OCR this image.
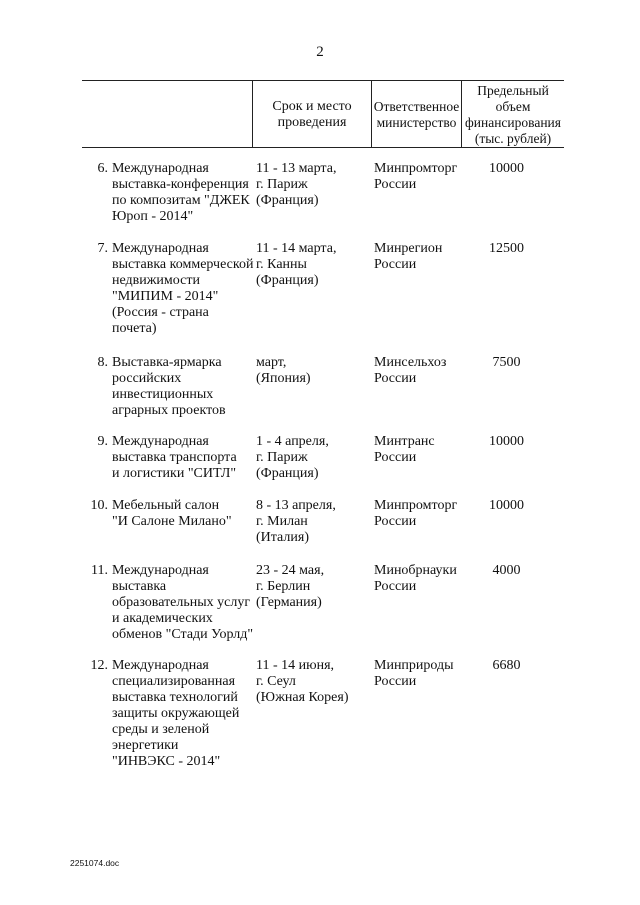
2
Срок и место
проведения
Ответственное
министерство
Предельный
объем
финансирования
(тыс. рублей)
6. Международная
выставка-конференция
по композитам "ДЖЕК
Юроп - 2014"
11 - 13 марта,
г. Париж
(Франция)
Минпромторг
России
10000
7. Международная
выставка коммерческой
недвижимости
"МИПИМ - 2014"
(Россия - страна
почета)
11 - 14 марта,
г. Канны
(Франция)
Минрегион
России
12500
8. Выставка-ярмарка
российских
инвестиционных
аграрных проектов
март,
(Япония)
Минсельхоз
России
7500
9. Международная
выставка транспорта
и логистики "СИТЛ"
1 - 4 апреля,
г. Париж
(Франция)
Минтранс
России
10000
10. Мебельный салон
"И Салоне Милано"
8 - 13 апреля,
г. Милан
(Италия)
Минпромторг
России
10000
11. Международная
выставка
образовательных услуг
и академических
обменов "Стади Уорлд"
23 - 24 мая,
г. Берлин
(Германия)
Минобрнауки
России
4000
12. Международная
специализированная
выставка технологий
защиты окружающей
среды и зеленой
энергетики
"ИНВЭКС - 2014"
11 - 14 июня,
г. Сеул
(Южная Корея)
Минприроды
России
6680
2251074.doc
